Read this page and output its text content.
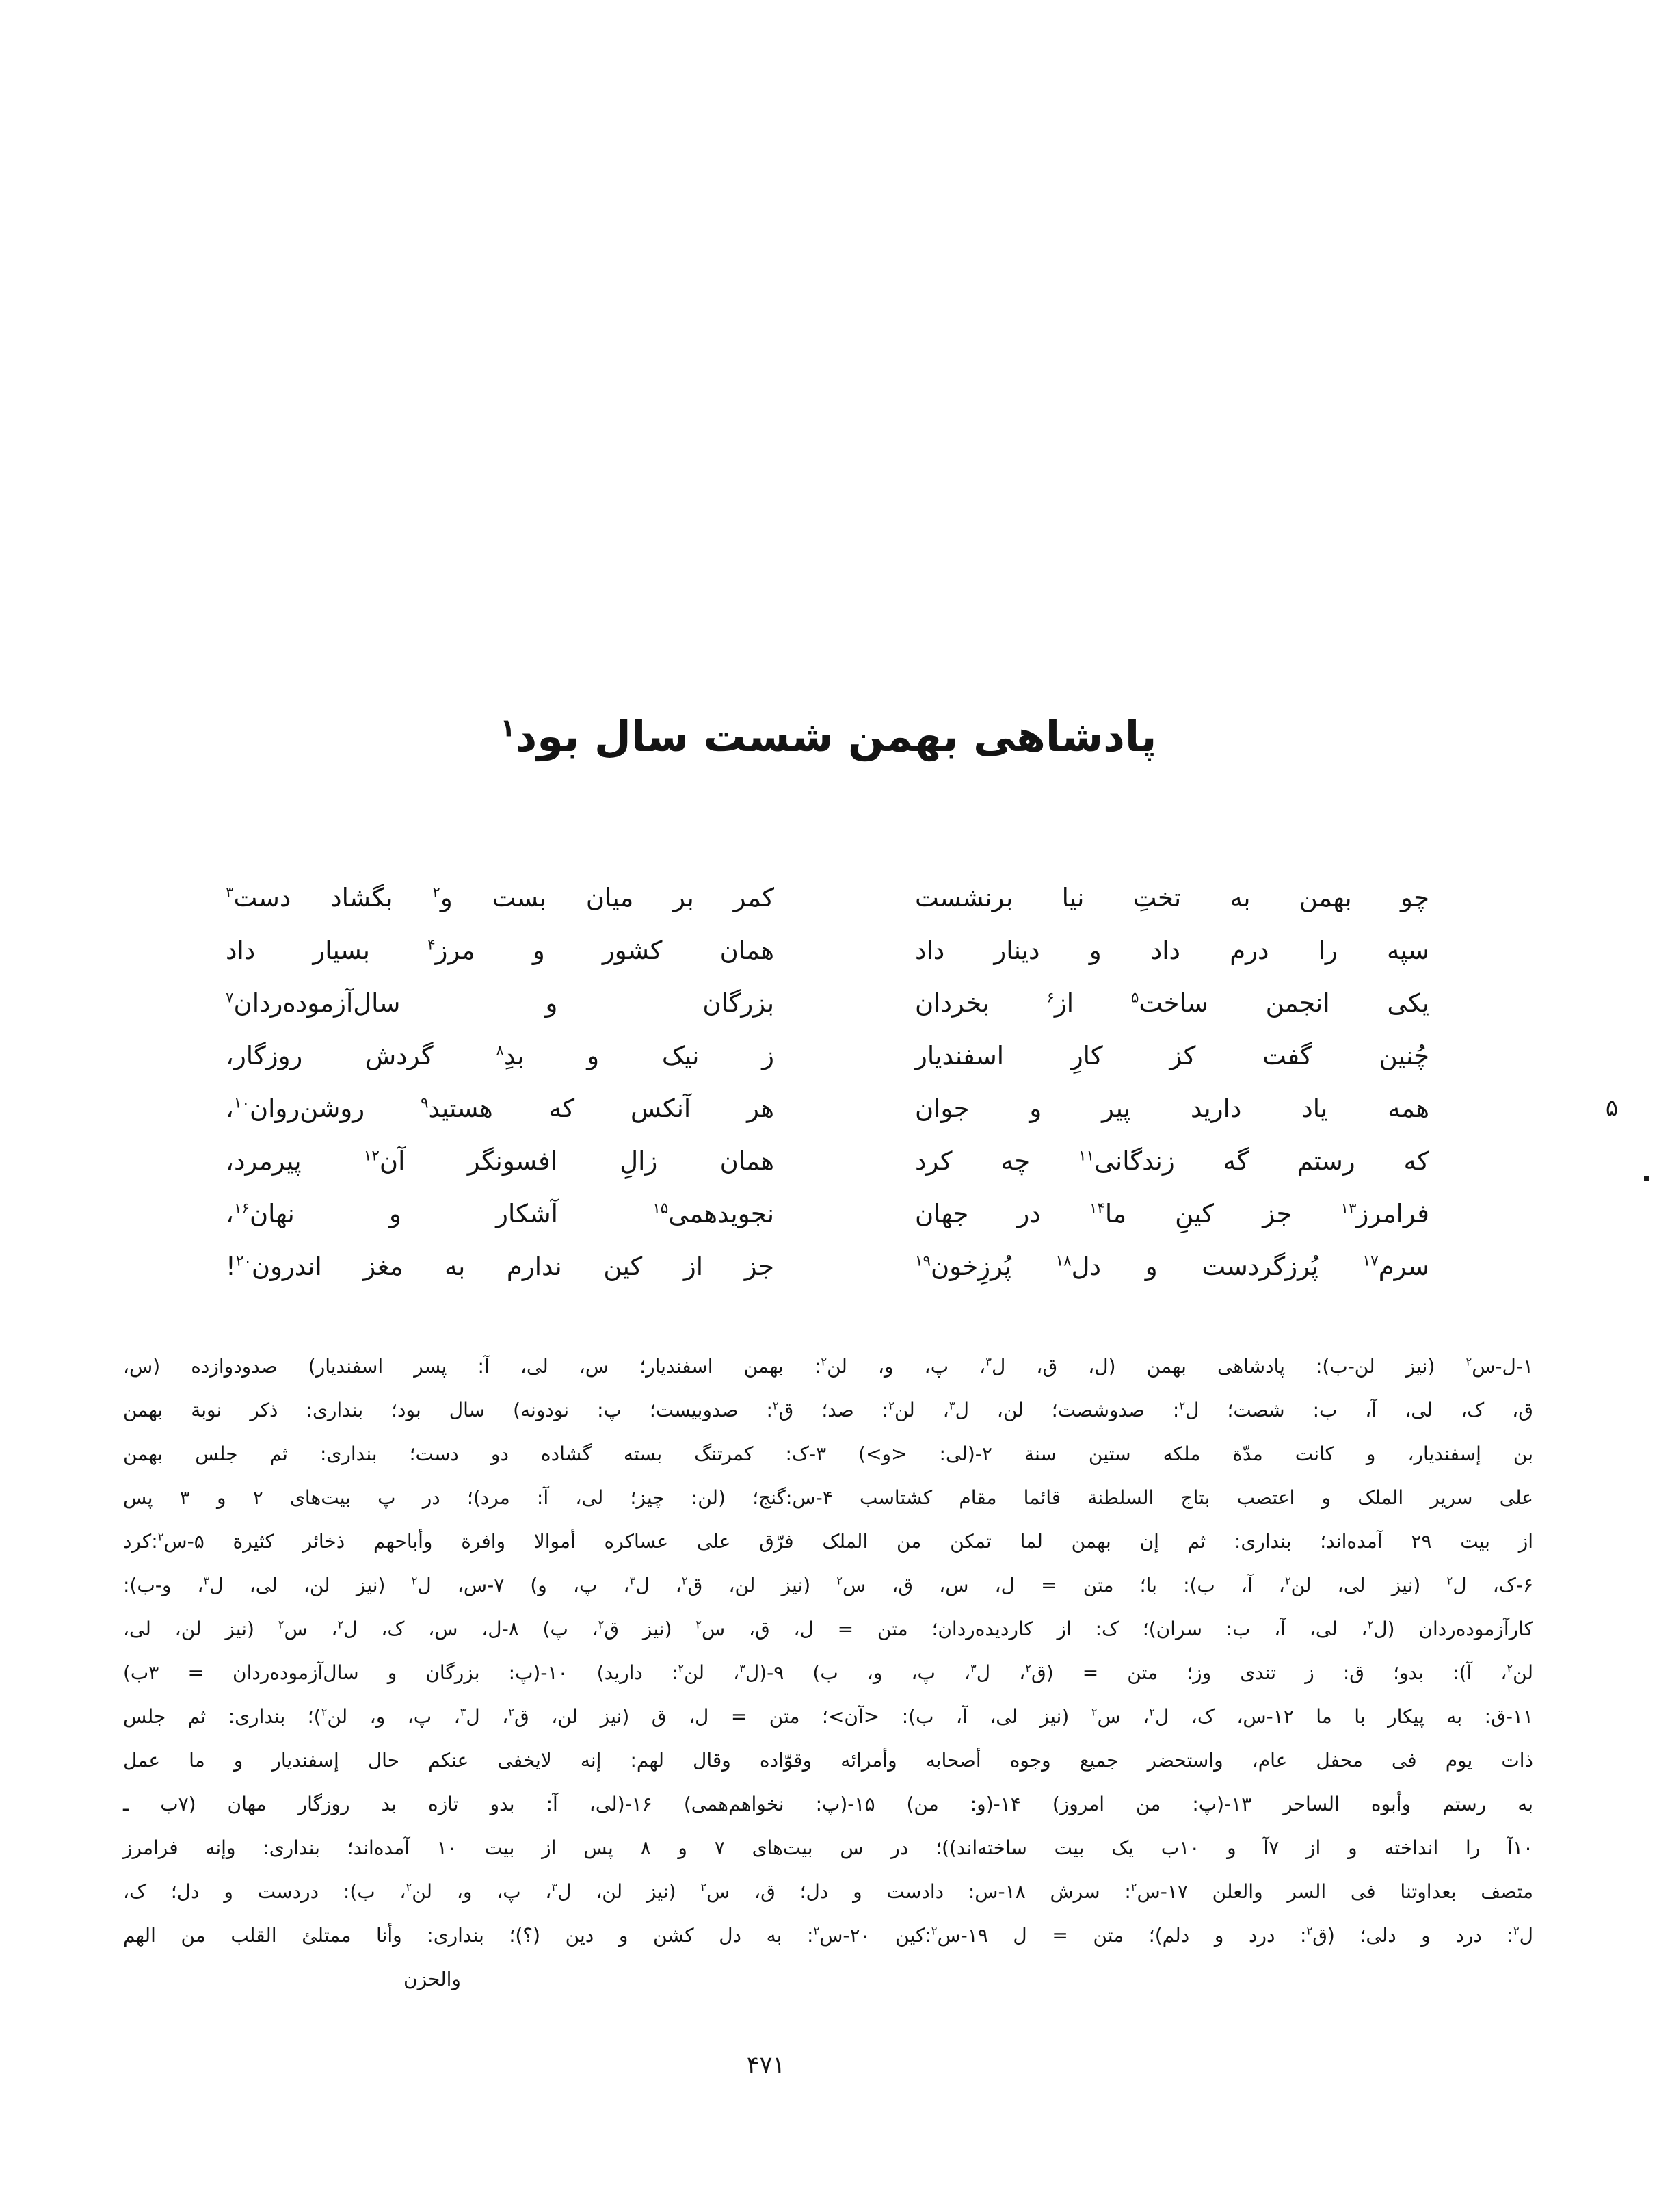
پادشاهی بهمن شست سال بود$^۱$
چو بهمن به تختِ نیا برنشست
کمر بر میان بست و$^۲$ بگشاد دست$^۳$
سپه را درم داد و دینار داد
همان کشور و مرز$^۴$ بسیار داد
یکی انجمن ساخت$^۵$ از$^۶$ بخردان
بزرگان و سال‌آزموده‌ردان$^۷$
چُنین گفت کز کارِ اسفندیار
ز نیک و بدِ$^۸$ گردش روزگار،
همه یاد دارید پیر و جوان
هر آنکس که هستید$^۹$ روشن‌روان$^{۱۰}$،
که رستم گه زندگانی$^{۱۱}$ چه کرد
همان زالِ افسونگر آن$^{۱۲}$ پیرمرد،
فرامرز$^{۱۳}$ جز کینِ ما$^{۱۴}$ در جهان
نجویدهمی$^{۱۵}$ آشکار و نهان$^{۱۶}$،
سرم$^{۱۷}$ پُرزگردست و دل$^{۱۸}$ پُرزِخون$^{۱۹}$
جز از کین ندارم به مغز اندرون$^{۲۰}$!
۵
۱-ل-س$^۲$ (نیز لن-ب): پادشاهی بهمن (ل، ق، ل$^۳$، پ، و، لن$^۲$: بهمن اسفندیار؛ س، لی، آ: پسر اسفندیار) صدودوازده (س،
ق، ک، لی، آ، ب: شصت؛ ل$^۲$: صدوشصت؛ لن، ل$^۳$، لن$^۲$: صد؛ ق$^۲$: صدوبیست؛ پ: نودونه) سال بود؛ بنداری: ذکر نوبة بهمن
بن إسفندیار، و کانت مدّة ملکه ستین سنة ۲-(لی: <و>) ۳-ک: کمرتنگ بسته گشاده دو دست؛ بنداری: ثم جلس بهمن
علی سریر الملک و اعتصب بتاج السلطنة قائما مقام کشتاسب ۴-س:گنج؛ (لن: چیز؛ لی، آ: مرد)؛ در پ بیت‌های ۲ و ۳ پس
از بیت ۲۹ آمده‌اند؛ بنداری: ثم إن بهمن لما تمکن من الملک فرّق علی عساکره أموالا وافرة وأباحهم ذخائر کثیرة ۵-س$^۲$:کرد
۶-ک، ل$^۲$ (نیز لی، لن$^۲$، آ، ب): با؛ متن = ل، س، ق، س$^۲$ (نیز لن، ق$^۲$، ل$^۳$، پ، و) ۷-س، ل$^۲$ (نیز لن، لی، ل$^۳$، و-ب):
کارآزموده‌ردان (ل$^۲$، لی، آ، ب: سران)؛ ک: از کاردیده‌ردان؛ متن = ل، ق، س$^۲$ (نیز ق$^۲$، پ) ۸-ل، س، ک، ل$^۲$، س$^۲$ (نیز لن، لی،
لن$^۲$، آ): بدو؛ ق: ز تندی وز؛ متن = (ق$^۲$، ل$^۳$، پ، و، ب) ۹-(ل$^۳$، لن$^۲$: دارید) ۱۰-(پ: بزرگان و سال‌آزموده‌ردان = ۳ب)
۱۱-ق: به پیکار با ما ۱۲-س، ک، ل$^۲$، س$^۲$ (نیز لی، آ، ب): <آن>؛ متن = ل، ق (نیز لن، ق$^۲$، ل$^۳$، پ، و، لن$^۲$)؛ بنداری: ثم جلس
ذات یوم فی محفل عام، واستحضر جمیع وجوه أصحابه وأمرائه وقوّاده وقال لهم: إنه لایخفی عنکم حال إسفندیار و ما عمل
به رستم وأبوه الساحر ۱۳-(پ: من امروز) ۱۴-(و: من) ۱۵-(پ: نخواهم‌همی) ۱۶-(لی، آ: بدو تازه بد روزگار مهان (۷ب ـ
۱۰آ را انداخته و از ۷آ و ۱۰ب یک بیت ساخته‌اند))؛ در س بیت‌های ۷ و ۸ پس از بیت ۱۰ آمده‌اند؛ بنداری: وإنه فرامرز
متصف بعداوتنا فی السر والعلن ۱۷-س$^۲$: سرش ۱۸-س: دادست و دل؛ ق، س$^۲$ (نیز لن، ل$^۳$، پ، و، لن$^۲$، ب): دردست و دل؛ ک،
ل$^۲$: درد و دلی؛ (ق$^۲$: درد و دلم)؛ متن = ل ۱۹-س$^۲$:کین ۲۰-س$^۲$: به دل کشن و دین (؟)؛ بنداری: وأنا ممتلئ القلب من الهم
والحزن
۴۷۱
